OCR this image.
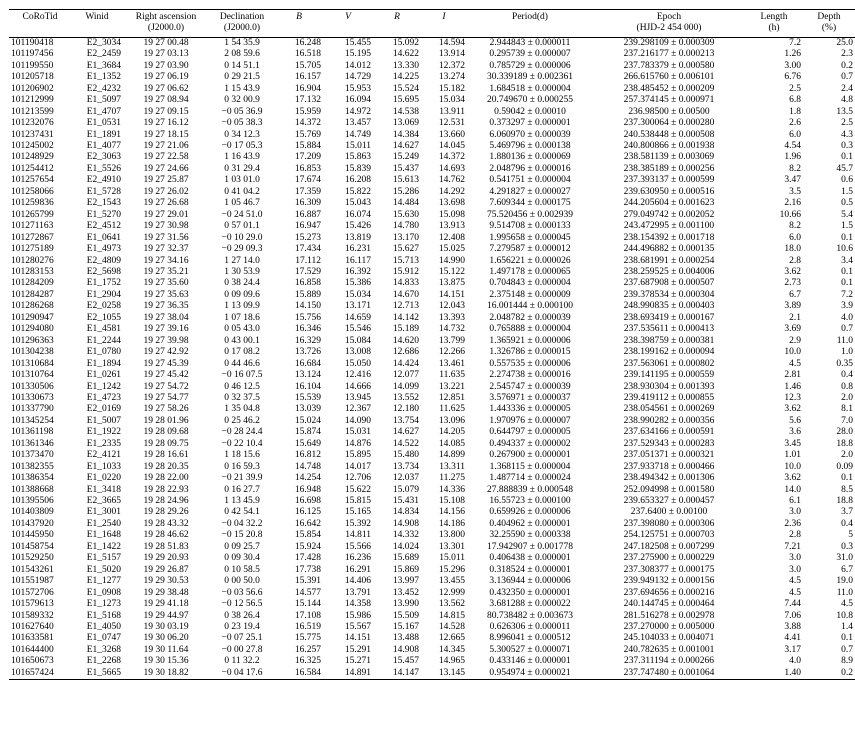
CoRoTid	Winid	Right ascension	Declination	B	V	R	I	Period(d)	Epoch	Length	Depth
		(J2000.0)	(J2000.0)						(HJD-2 454 000)	(h)	(%)
101190418	E2_3034	19 27 00.48	1 54 35.9	16.248	15.455	15.092	14.594	2.944843 ± 0.000011	239.298109 ± 0.000309	7.2	25.0
101197456	E2_2459	19 27 03.13	2 08 59.6	16.518	15.195	14.622	13.914	0.295739 ± 0.000007	237.216177 ± 0.000213	1.26	2.3
101199550	E1_3684	19 27 03.90	0 14 51.1	15.705	14.012	13.330	12.372	0.785729 ± 0.000006	237.783379 ± 0.000580	3.00	0.2
101205718	E1_1352	19 27 06.19	0 29 21.5	16.157	14.729	14.225	13.274	30.339189 ± 0.002361	266.615760 ± 0.006101	6.76	0.7
101206902	E2_4232	19 27 06.62	1 15 43.9	16.904	15.953	15.524	15.182	1.684518 ± 0.000004	238.485452 ± 0.000209	2.5	2.4
101212999	E1_5097	19 27 08.94	0 32 00.9	17.132	16.094	15.695	15.034	20.749670 ± 0.000255	257.374145 ± 0.000971	6.8	4.8
101213599	E1_4707	19 27 09.15	−0 05 36.9	15.959	14.972	14.538	13.911	0.59042 ± 0.00010	236.98500 ± 0.00500	1.8	13.5
101232076	E1_0531	19 27 16.12	−0 05 38.3	14.372	13.457	13.069	12.531	0.373297 ± 0.000001	237.300064 ± 0.000280	2.6	2.5
101237431	E1_1891	19 27 18.15	0 34 12.3	15.769	14.749	14.384	13.660	6.060970 ± 0.000039	240.538448 ± 0.000508	6.0	4.3
101245002	E1_4077	19 27 21.06	−0 17 05.3	15.884	15.011	14.627	14.045	5.469796 ± 0.000138	240.800866 ± 0.001938	4.54	0.3
101248929	E2_3063	19 27 22.58	1 16 43.9	17.209	15.863	15.249	14.372	1.880136 ± 0.000069	238.581139 ± 0.003069	1.96	0.1
101254412	E1_5526	19 27 24.66	0 31 29.4	16.853	15.839	15.437	14.693	2.048796 ± 0.000016	238.385189 ± 0.000256	8.2	45.7
101257654	E2_4910	19 27 25.87	1 03 01.0	17.674	16.208	15.613	14.762	0.541751 ± 0.000004	237.393137 ± 0.000599	3.47	0.6
101258066	E1_5728	19 27 26.02	0 41 04.2	17.359	15.822	15.286	14.292	4.291827 ± 0.000027	239.630950 ± 0.000516	3.5	1.5
101259836	E2_1543	19 27 26.68	1 05 46.7	16.309	15.043	14.484	13.698	7.609344 ± 0.000175	244.205604 ± 0.001623	2.16	0.5
101265799	E1_5270	19 27 29.01	−0 24 51.0	16.887	16.074	15.630	15.098	75.520456 ± 0.002939	279.049742 ± 0.002052	10.66	5.4
101271163	E2_4512	19 27 30.98	0 57 01.1	16.947	15.426	14.780	13.913	9.514708 ± 0.000133	243.472995 ± 0.001100	8.2	1.5
101272867	E1_0641	19 27 31.56	−0 10 29.0	15.273	13.819	13.170	12.408	1.995658 ± 0.000045	238.154392 ± 0.001718	6.0	0.1
101275189	E1_4973	19 27 32.37	−0 29 09.3	17.434	16.231	15.627	15.025	7.279587 ± 0.000012	244.496882 ± 0.000135	18.0	10.6
101280276	E2_4809	19 27 34.16	1 27 14.0	17.112	16.117	15.713	14.990	1.656221 ± 0.000026	238.681991 ± 0.000254	2.8	3.4
101283153	E2_5698	19 27 35.21	1 30 53.9	17.529	16.392	15.912	15.122	1.497178 ± 0.000065	238.259525 ± 0.004006	3.62	0.1
101284209	E1_1752	19 27 35.60	0 38 24.4	16.858	15.386	14.833	13.875	0.704843 ± 0.000004	237.687908 ± 0.000507	2.73	0.1
101284287	E1_2904	19 27 35.63	0 09 09.6	15.889	15.034	14.670	14.151	2.375148 ± 0.000009	239.378534 ± 0.000304	6.7	7.2
101286268	E2_0258	19 27 36.35	1 13 09.9	14.150	13.171	12.713	12.043	16.001444 ± 0.000100	248.990835 ± 0.000403	3.89	3.9
101290947	E2_1055	19 27 38.04	1 07 18.6	15.756	14.659	14.142	13.393	2.048782 ± 0.000039	238.693419 ± 0.000167	2.1	4.0
101294080	E1_4581	19 27 39.16	0 05 43.0	16.346	15.546	15.189	14.732	0.765888 ± 0.000004	237.535611 ± 0.000413	3.69	0.7
101296363	E1_2244	19 27 39.98	0 43 00.1	16.329	15.084	14.620	13.799	1.365921 ± 0.000006	238.398759 ± 0.000381	2.9	11.0
101304238	E1_0780	19 27 42.92	0 17 08.2	13.726	13.008	12.686	12.266	1.326786 ± 0.000015	238.199162 ± 0.000094	10.0	1.0
101310684	E1_1894	19 27 45.39	0 44 46.6	16.684	15.050	14.424	13.461	0.557535 ± 0.000006	237.563061 ± 0.000802	4.5	0.35
101310764	E1_0261	19 27 45.42	−0 16 07.5	13.124	12.416	12.077	11.635	2.274738 ± 0.000016	239.141195 ± 0.000559	2.81	0.4
101330506	E1_1242	19 27 54.72	0 46 12.5	16.104	14.666	14.099	13.221	2.545747 ± 0.000039	238.930304 ± 0.001393	1.46	0.8
101330673	E1_4723	19 27 54.77	0 32 37.5	15.539	13.945	13.552	12.851	3.576971 ± 0.000037	239.419112 ± 0.000855	12.3	2.0
101337790	E2_0169	19 27 58.26	1 35 04.8	13.039	12.367	12.180	11.625	1.443336 ± 0.000005	238.054561 ± 0.000269	3.62	8.1
101345254	E1_5007	19 28 01.96	0 25 46.2	15.024	14.090	13.754	13.096	1.970976 ± 0.000007	238.990282 ± 0.000356	5.6	7.0
101361198	E1_1922	19 28 09.68	−0 28 24.4	15.874	15.031	14.627	14.205	0.644797 ± 0.000005	237.634166 ± 0.000591	3.6	28.0
101361346	E1_2335	19 28 09.75	−0 22 10.4	15.649	14.876	14.522	14.085	0.494337 ± 0.000002	237.529343 ± 0.000283	3.45	18.8
101373470	E2_4121	19 28 16.61	1 18 15.6	16.812	15.895	15.480	14.899	0.267900 ± 0.000001	237.051371 ± 0.000321	1.01	2.0
101382355	E1_1033	19 28 20.35	0 16 59.3	14.748	14.017	13.734	13.311	1.368115 ± 0.000004	237.933718 ± 0.000466	10.0	0.09
101386354	E1_0220	19 28 22.00	−0 21 39.9	14.254	12.706	12.037	11.275	1.487714 ± 0.000024	238.494342 ± 0.001306	3.62	0.1
101388668	E1_3418	19 28 22.93	0 16 27.7	16.948	15.622	15.079	14.336	27.888839 ± 0.000548	252.094998 ± 0.001580	14.0	8.5
101395506	E2_3665	19 28 24.96	1 13 45.9	16.698	15.815	15.431	15.108	16.55723 ± 0.000100	239.653327 ± 0.000457	6.1	18.8
101403809	E1_3001	19 28 29.26	0 42 54.1	16.125	15.165	14.834	14.156	0.659926 ± 0.000006	237.6400 ± 0.00100	3.0	3.7
101437920	E1_2540	19 28 43.32	−0 04 32.2	16.642	15.392	14.908	14.186	0.404962 ± 0.000001	237.398080 ± 0.000306	2.36	0.4
101445950	E1_1648	19 28 46.62	−0 15 20.8	15.854	14.811	14.332	13.800	32.25590 ± 0.000338	254.125751 ± 0.000703	2.8	5
101458754	E1_1422	19 28 51.83	0 09 25.7	15.924	15.566	14.024	13.301	17.942907 ± 0.001778	247.182508 ± 0.007299	7.21	0.3
101529250	E1_5157	19 29 20.93	0 09 30.4	17.428	16.236	15.689	15.011	0.406438 ± 0.000001	237.275900 ± 0.000229	3.0	31.0
101543261	E1_5020	19 29 26.87	0 10 58.5	17.738	16.291	15.869	15.296	0.318524 ± 0.000001	237.308377 ± 0.000175	3.0	6.7
101551987	E1_1277	19 29 30.53	0 00 50.0	15.391	14.406	13.997	13.455	3.136944 ± 0.000006	239.949132 ± 0.000156	4.5	19.0
101572706	E1_0908	19 29 38.48	−0 03 56.6	14.577	13.791	13.452	12.999	0.432350 ± 0.000001	237.694656 ± 0.000216	4.5	11.0
101579613	E1_1273	19 29 41.18	−0 12 56.5	15.144	14.358	13.990	13.562	3.681288 ± 0.000022	240.144745 ± 0.000464	7.44	4.5
101589332	E1_5168	19 29 44.97	0 38 26.4	17.108	15.986	15.509	14.815	80.738482 ± 0.003673	281.516278 ± 0.002978	7.06	10.8
101627640	E1_4050	19 30 03.19	0 23 19.4	16.519	15.567	15.167	14.528	0.626306 ± 0.000011	237.270000 ± 0.005000	3.88	1.4
101633581	E1_0747	19 30 06.20	−0 07 25.1	15.775	14.151	13.488	12.665	8.996041 ± 0.000512	245.104033 ± 0.004071	4.41	0.1
101644400	E1_3268	19 30 11.64	−0 00 27.8	16.257	15.291	14.908	14.345	5.300527 ± 0.000071	240.782635 ± 0.001001	3.17	0.7
101650673	E1_2268	19 30 15.36	0 11 32.2	16.325	15.271	15.457	14.965	0.433146 ± 0.000001	237.311194 ± 0.000266	4.0	8.9
101657424	E1_5665	19 30 18.82	−0 04 17.6	16.584	14.891	14.147	13.145	0.954974 ± 0.000021	237.747480 ± 0.001064	1.40	0.2
